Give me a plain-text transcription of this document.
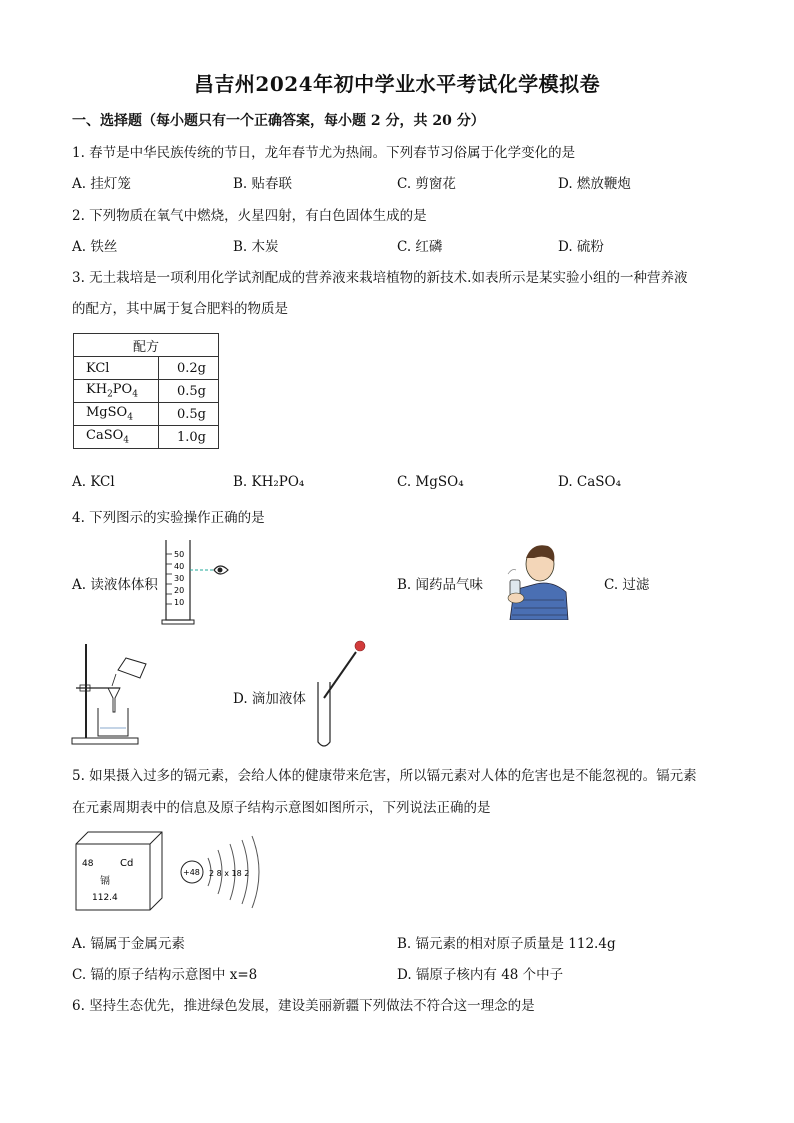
昌吉州2024年初中学业水平考试化学模拟卷
一、选择题（每小题只有一个正确答案，每小题 2 分，共 20 分）
1. 春节是中华民族传统的节日，龙年春节尤为热闹。下列春节习俗属于化学变化的是
A. 挂灯笼	B. 贴春联	C. 剪窗花	D. 燃放鞭炮
2. 下列物质在氧气中燃烧，火星四射，有白色固体生成的是
A. 铁丝	B. 木炭	C. 红磷	D. 硫粉
3. 无土栽培是一项利用化学试剂配成的营养液来栽培植物的新技术.如表所示是某实验小组的一种营养液
的配方，其中属于复合肥料的物质是
配方	
KCl	0.2g
$KH_2PO_4$	0.5g
MgSO$_4$	0.5g
CaSO$_4$	1.0g
A. KCl	B. KH₂PO₄	C. MgSO₄	D. CaSO₄
4. 下列图示的实验操作正确的是
A. 读液体体积
50
40
30
20
10
B. 闻药品气味	C. 过滤
D. 滴加液体
5. 如果摄入过多的镉元素，会给人体的健康带来危害，所以镉元素对人体的危害也是不能忽视的。镉元素
在元素周期表中的信息及原子结构示意图如图所示，下列说法正确的是
48	Cd
镉
112.4
+48 2 8 x 18 2
A. 镉属于金属元素	B. 镉元素的相对原子质量是 112.4g
C. 镉的原子结构示意图中 x=8	D. 镉原子核内有 48 个中子
6. 坚持生态优先，推进绿色发展，建设美丽新疆下列做法不符合这一理念的是
